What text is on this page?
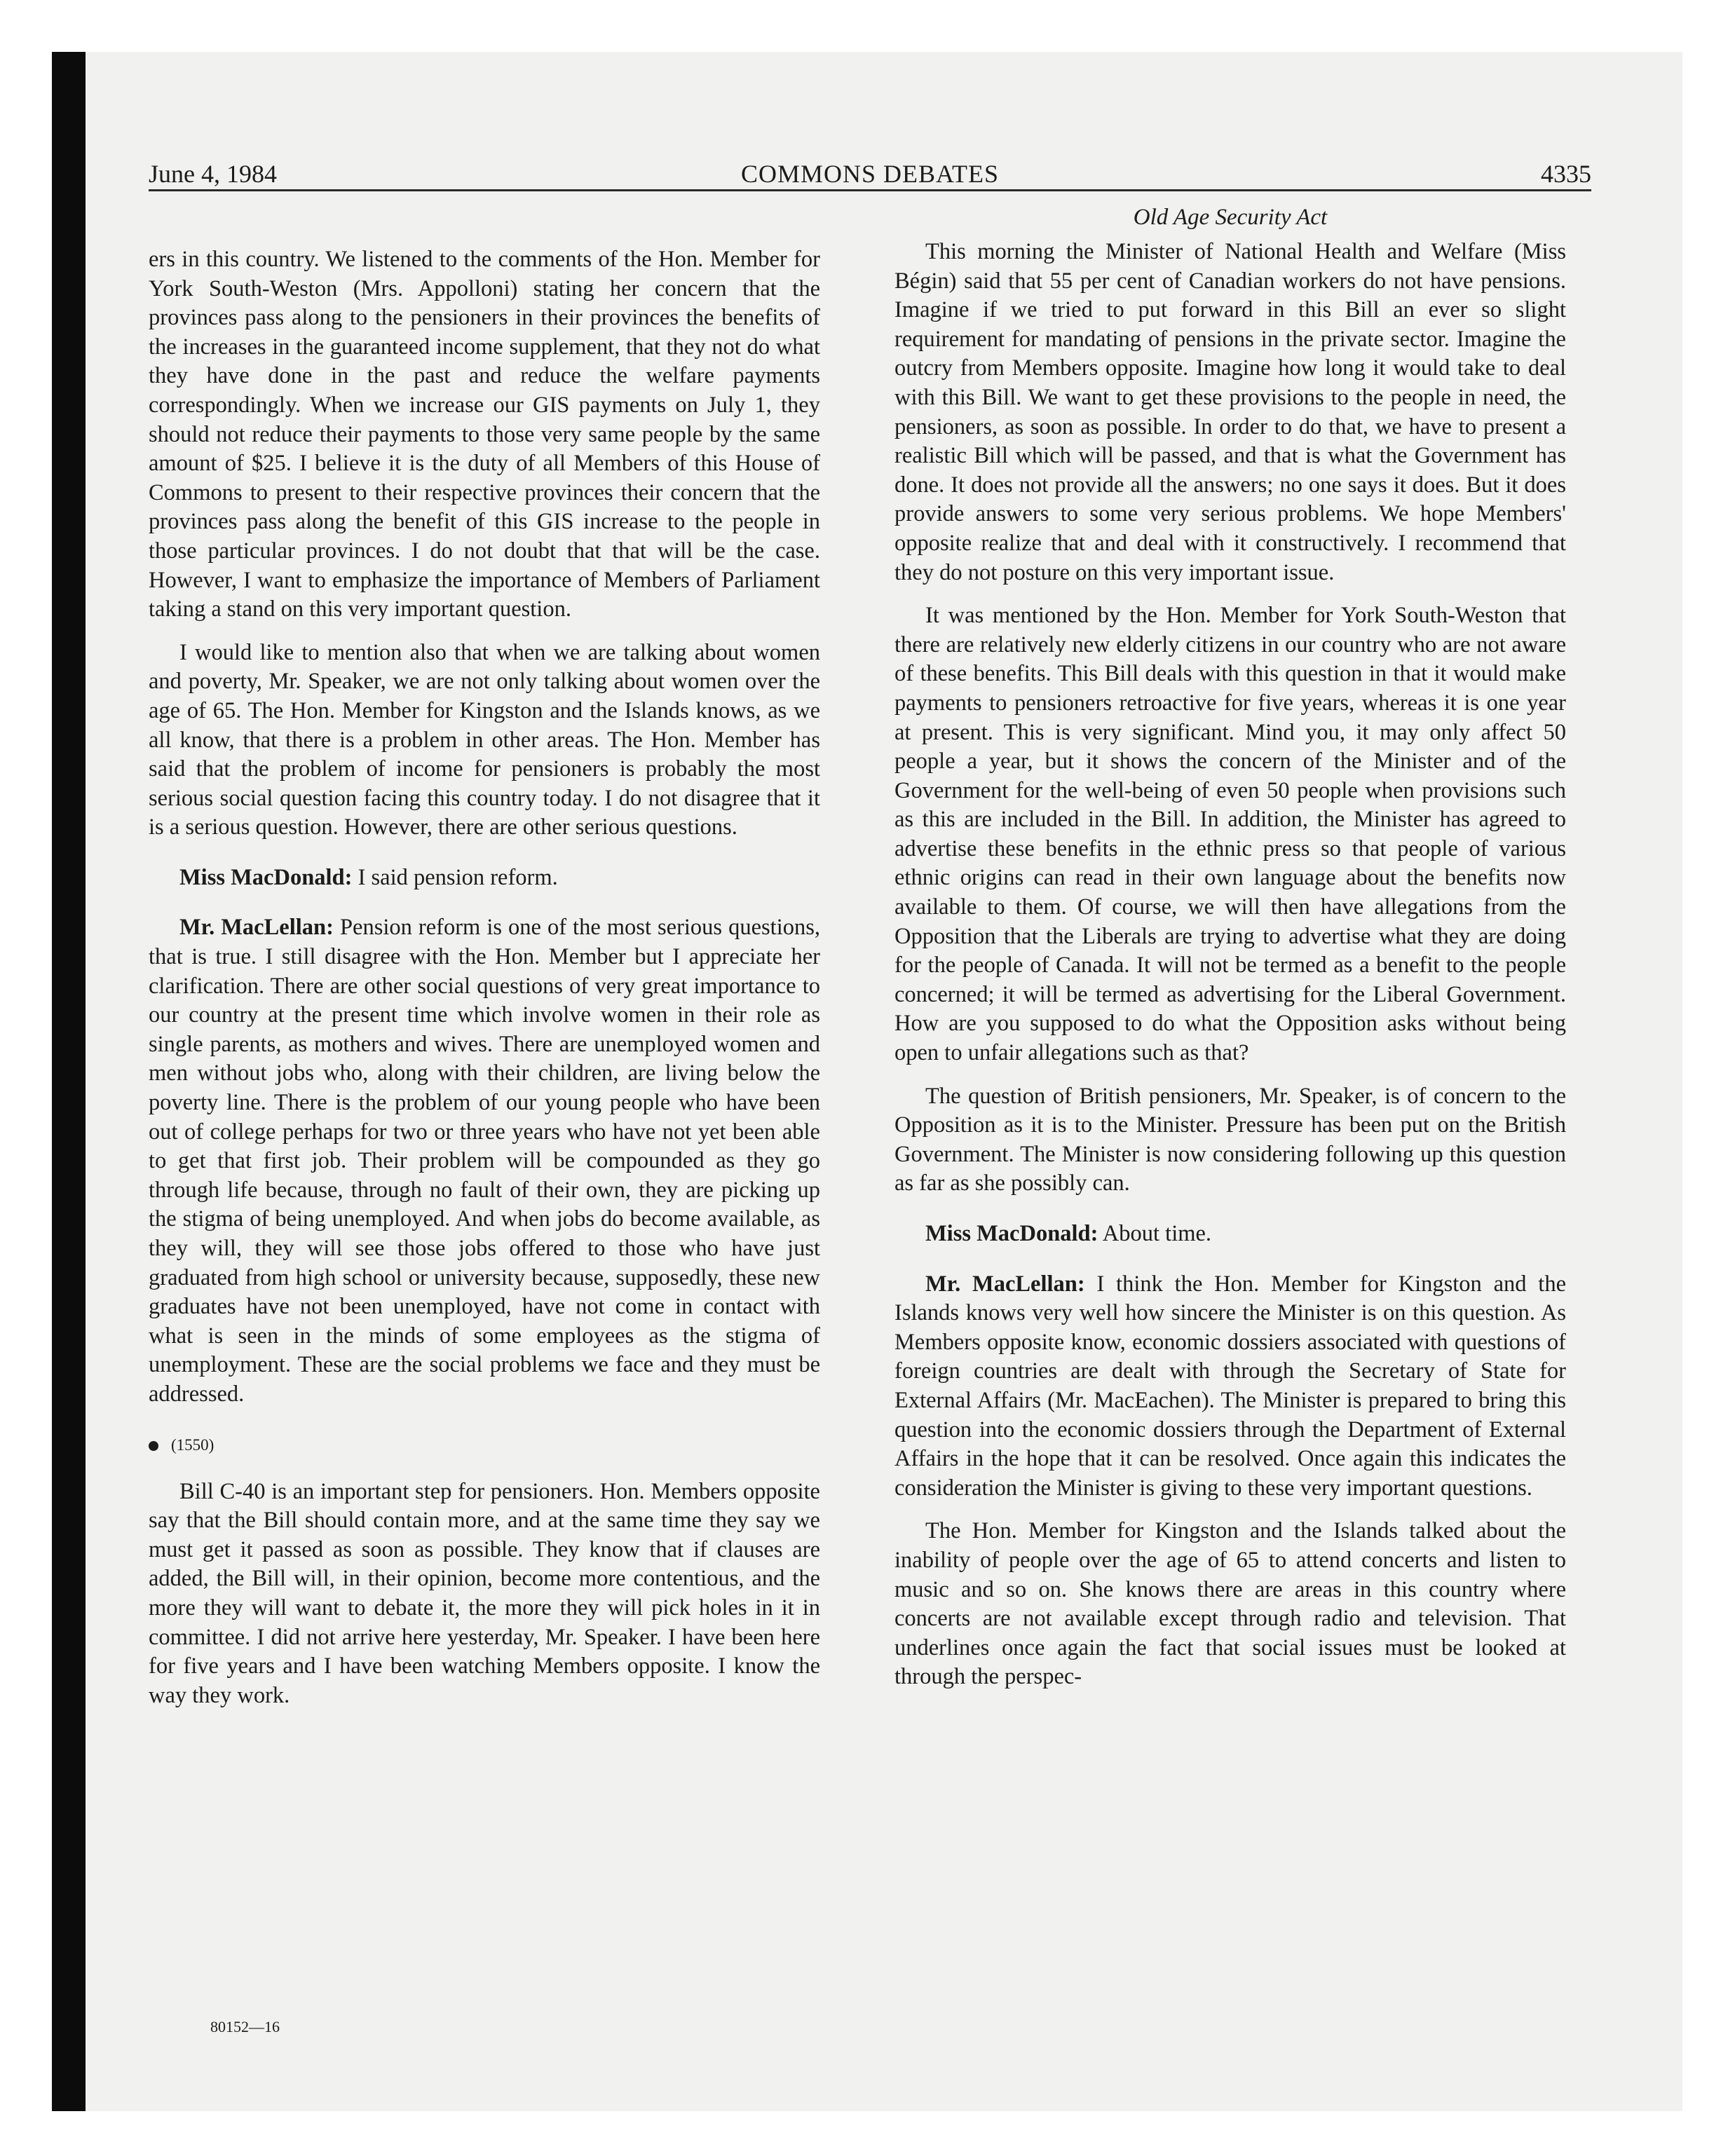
June 4, 1984	COMMONS DEBATES	4335

ers in this country. We listened to the comments of the Hon. Member for York South-Weston (Mrs. Appolloni) stating her concern that the provinces pass along to the pensioners in their provinces the benefits of the increases in the guaranteed income supplement, that they not do what they have done in the past and reduce the welfare payments correspondingly. When we increase our GIS payments on July 1, they should not reduce their payments to those very same people by the same amount of $25. I believe it is the duty of all Members of this House of Commons to present to their respective provinces their concern that the provinces pass along the benefit of this GIS increase to the people in those particular provinces. I do not doubt that that will be the case. However, I want to emphasize the importance of Members of Parliament taking a stand on this very important question.

I would like to mention also that when we are talking about women and poverty, Mr. Speaker, we are not only talking about women over the age of 65. The Hon. Member for Kingston and the Islands knows, as we all know, that there is a problem in other areas. The Hon. Member has said that the problem of income for pensioners is probably the most serious social question facing this country today. I do not disagree that it is a serious question. However, there are other serious questions.

Miss MacDonald: I said pension reform.

Mr. MacLellan: Pension reform is one of the most serious questions, that is true. I still disagree with the Hon. Member but I appreciate her clarification. There are other social questions of very great importance to our country at the present time which involve women in their role as single parents, as mothers and wives. There are unemployed women and men without jobs who, along with their children, are living below the poverty line. There is the problem of our young people who have been out of college perhaps for two or three years who have not yet been able to get that first job. Their problem will be compounded as they go through life because, through no fault of their own, they are picking up the stigma of being unemployed. And when jobs do become available, as they will, they will see those jobs offered to those who have just graduated from high school or university because, supposedly, these new graduates have not been unemployed, have not come in contact with what is seen in the minds of some employees as the stigma of unemployment. These are the social problems we face and they must be addressed.

(1550)

Bill C-40 is an important step for pensioners. Hon. Members opposite say that the Bill should contain more, and at the same time they say we must get it passed as soon as possible. They know that if clauses are added, the Bill will, in their opinion, become more contentious, and the more they will want to debate it, the more they will pick holes in it in committee. I did not arrive here yesterday, Mr. Speaker. I have been here for five years and I have been watching Members opposite. I know the way they work.

Old Age Security Act

This morning the Minister of National Health and Welfare (Miss Bégin) said that 55 per cent of Canadian workers do not have pensions. Imagine if we tried to put forward in this Bill an ever so slight requirement for mandating of pensions in the private sector. Imagine the outcry from Members opposite. Imagine how long it would take to deal with this Bill. We want to get these provisions to the people in need, the pensioners, as soon as possible. In order to do that, we have to present a realistic Bill which will be passed, and that is what the Government has done. It does not provide all the answers; no one says it does. But it does provide answers to some very serious problems. We hope Members' opposite realize that and deal with it constructively. I recommend that they do not posture on this very important issue.

It was mentioned by the Hon. Member for York South-Weston that there are relatively new elderly citizens in our country who are not aware of these benefits. This Bill deals with this question in that it would make payments to pensioners retroactive for five years, whereas it is one year at present. This is very significant. Mind you, it may only affect 50 people a year, but it shows the concern of the Minister and of the Government for the well-being of even 50 people when provisions such as this are included in the Bill. In addition, the Minister has agreed to advertise these benefits in the ethnic press so that people of various ethnic origins can read in their own language about the benefits now available to them. Of course, we will then have allegations from the Opposition that the Liberals are trying to advertise what they are doing for the people of Canada. It will not be termed as a benefit to the people concerned; it will be termed as advertising for the Liberal Government. How are you supposed to do what the Opposition asks without being open to unfair allegations such as that?

The question of British pensioners, Mr. Speaker, is of concern to the Opposition as it is to the Minister. Pressure has been put on the British Government. The Minister is now considering following up this question as far as she possibly can.

Miss MacDonald: About time.

Mr. MacLellan: I think the Hon. Member for Kingston and the Islands knows very well how sincere the Minister is on this question. As Members opposite know, economic dossiers associated with questions of foreign countries are dealt with through the Secretary of State for External Affairs (Mr. MacEachen). The Minister is prepared to bring this question into the economic dossiers through the Department of External Affairs in the hope that it can be resolved. Once again this indicates the consideration the Minister is giving to these very important questions.

The Hon. Member for Kingston and the Islands talked about the inability of people over the age of 65 to attend concerts and listen to music and so on. She knows there are areas in this country where concerts are not available except through radio and television. That underlines once again the fact that social issues must be looked at through the perspec-

80152—16
